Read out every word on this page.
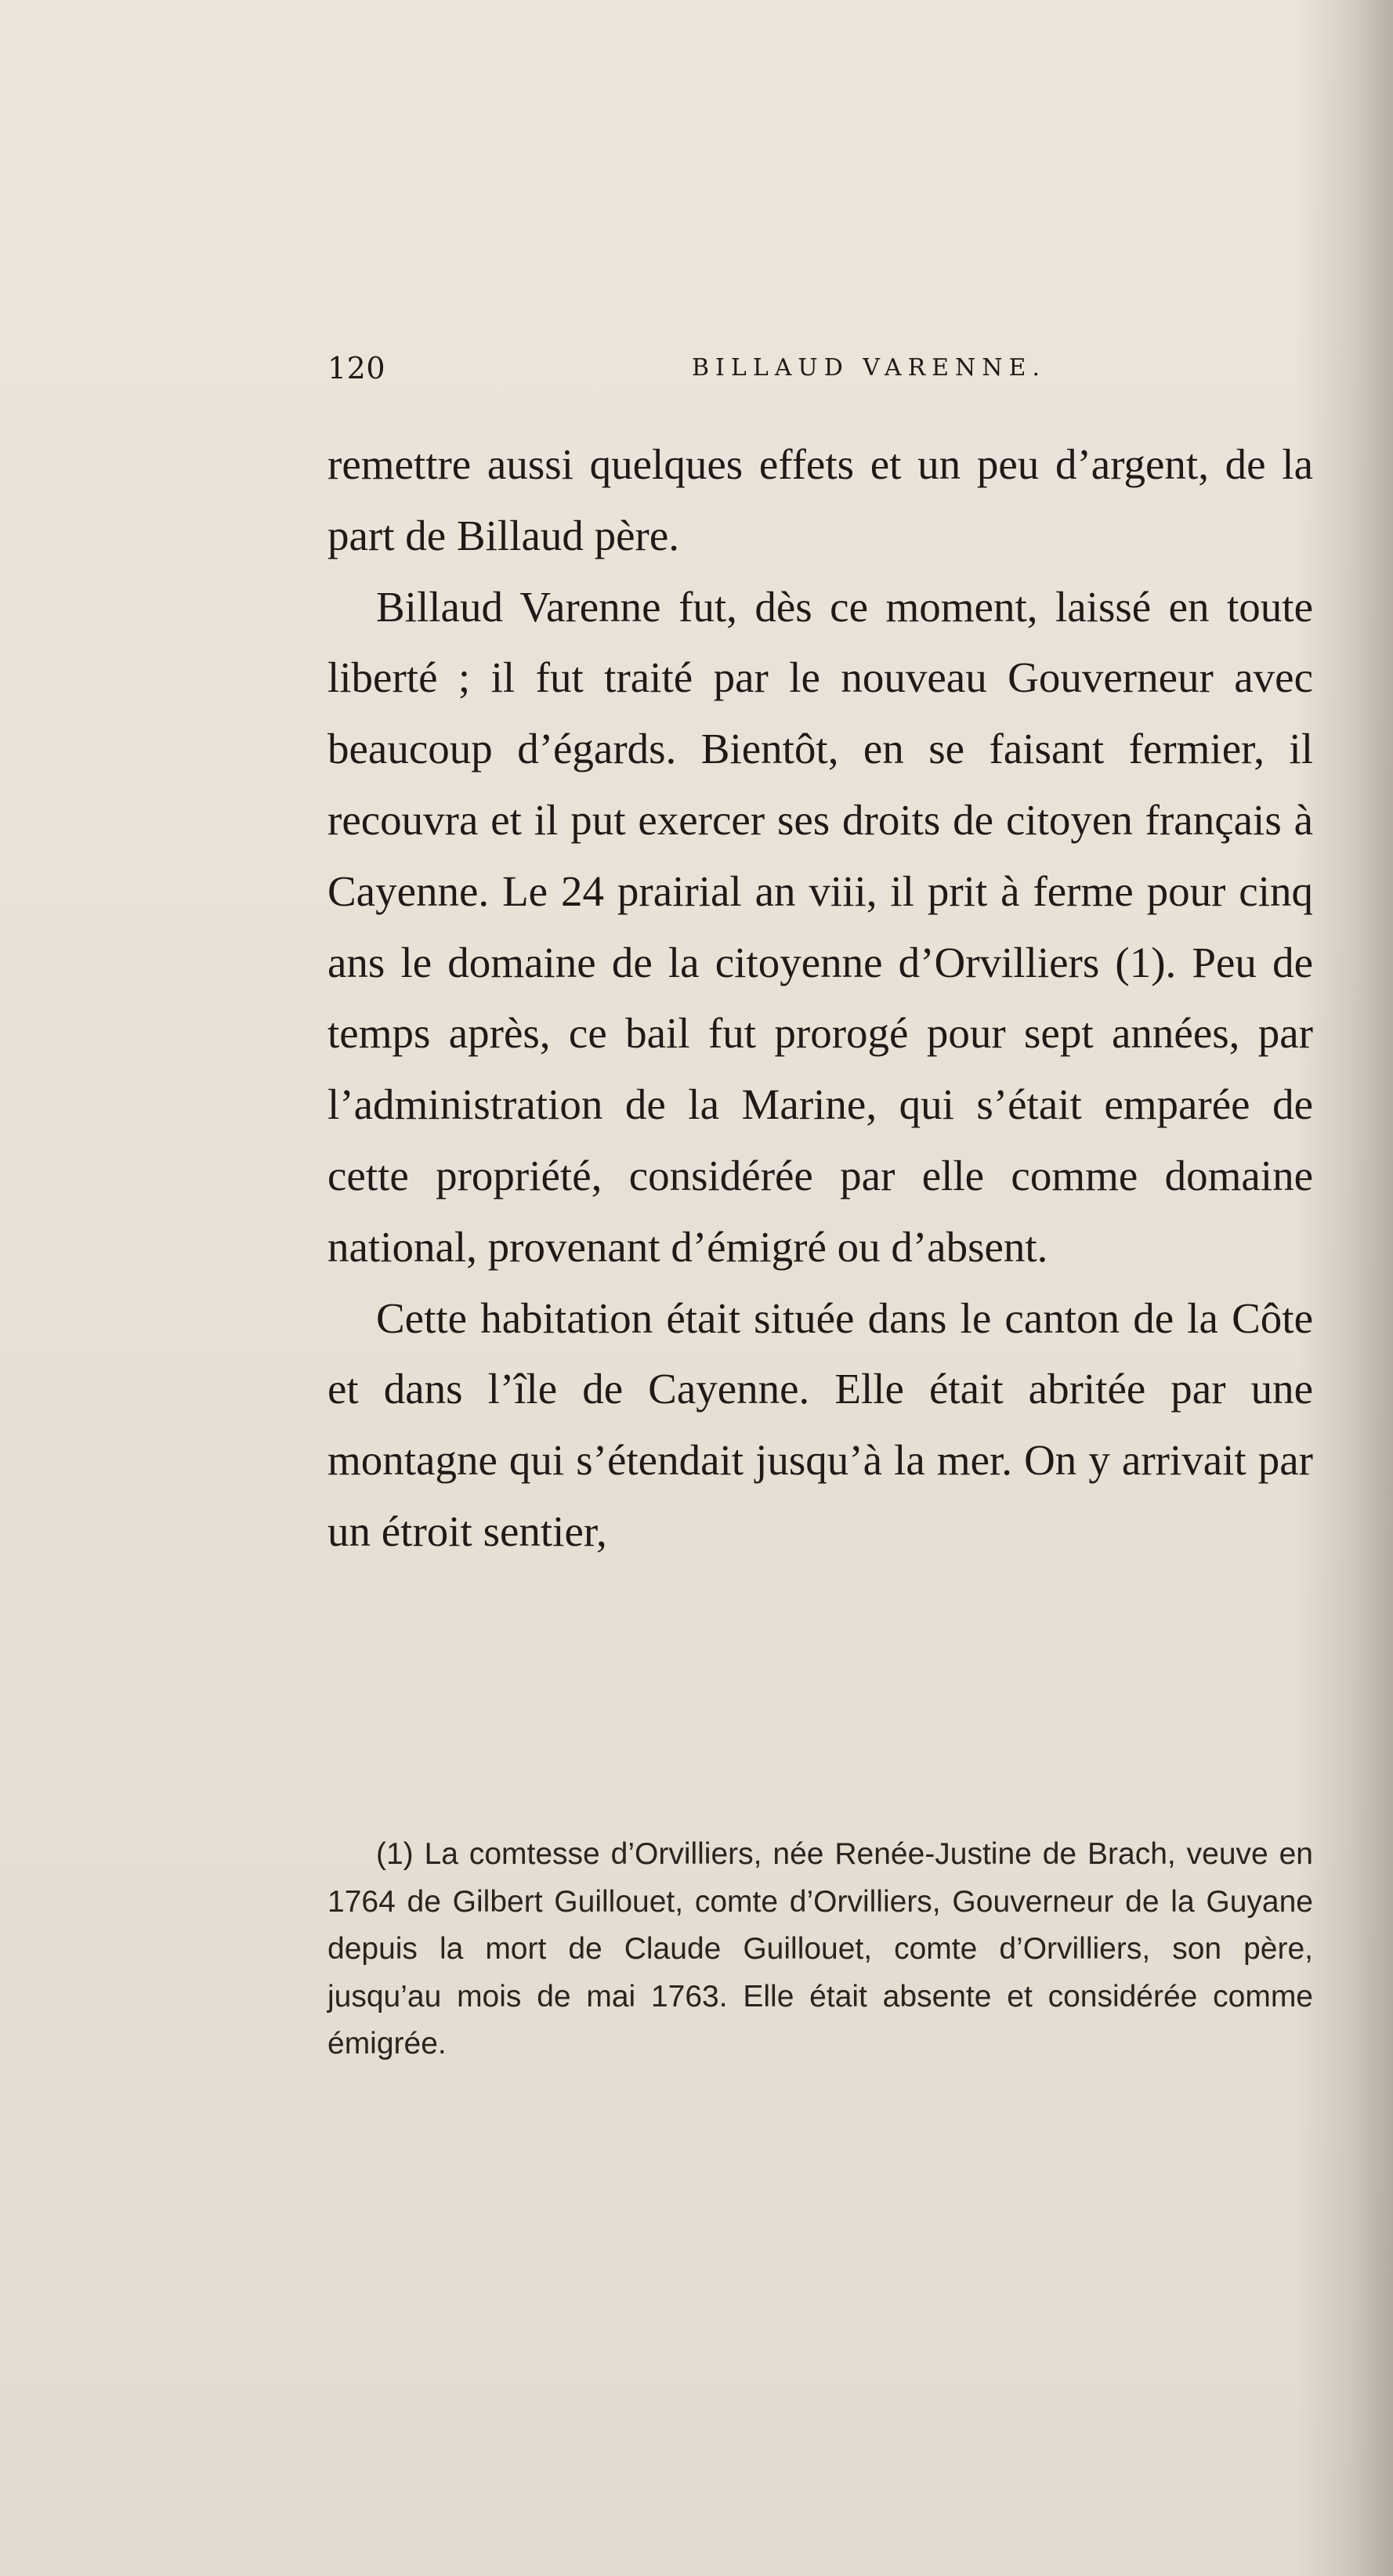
120	BILLAUD VARENNE.

remettre aussi quelques effets et un peu d’argent, de la part de Billaud père.

Billaud Varenne fut, dès ce moment, laissé en toute liberté ; il fut traité par le nouveau Gouverneur avec beaucoup d’égards. Bientôt, en se faisant fermier, il recouvra et il put exercer ses droits de citoyen français à Cayenne. Le 24 prairial an viii, il prit à ferme pour cinq ans le domaine de la citoyenne d’Orvilliers (1). Peu de temps après, ce bail fut prorogé pour sept années, par l’administration de la Marine, qui s’était emparée de cette propriété, considérée par elle comme domaine national, provenant d’émigré ou d’absent.

Cette habitation était située dans le canton de la Côte et dans l’île de Cayenne. Elle était abritée par une montagne qui s’étendait jusqu’à la mer. On y arrivait par un étroit sentier,

(1) La comtesse d’Orvilliers, née Renée-Justine de Brach, veuve en 1764 de Gilbert Guillouet, comte d’Orvilliers, Gouverneur de la Guyane depuis la mort de Claude Guillouet, comte d’Orvilliers, son père, jusqu’au mois de mai 1763. Elle était absente et considérée comme émigrée.
